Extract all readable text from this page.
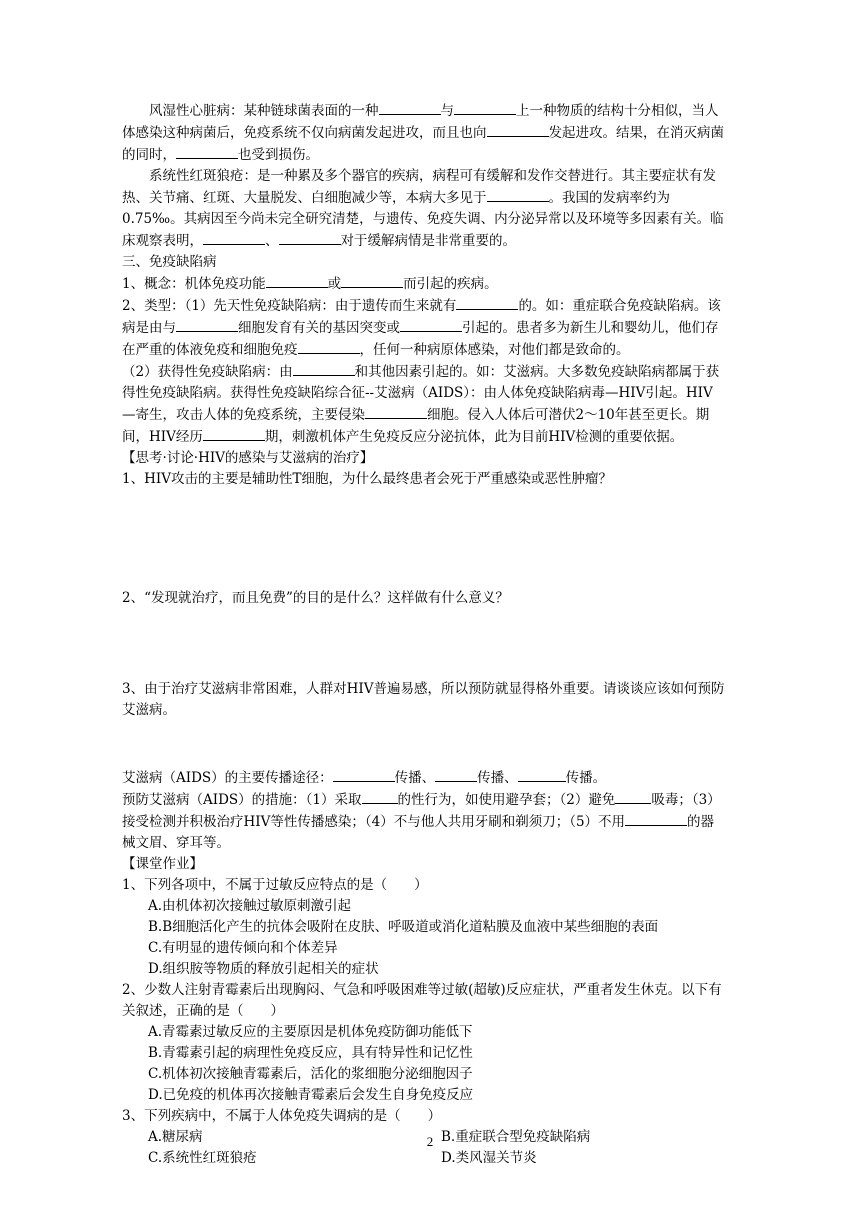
风湿性心脏病：某种链球菌表面的一种	与	上一种物质的结构十分相似，当人体感染这种病菌后，免疫系统不仅向病菌发起进攻，而且也向	发起进攻。结果，在消灭病菌的同时，	也受到损伤。

系统性红斑狼疮：是一种累及多个器官的疾病，病程可有缓解和发作交替进行。其主要症状有发热、关节痛、红斑、大量脱发、白细胞减少等，本病大多见于	。我国的发病率约为0.75‰。其病因至今尚未完全研究清楚，与遗传、免疫失调、内分泌异常以及环境等多因素有关。临床观察表明，	、	对于缓解病情是非常重要的。

三、免疫缺陷病

1、概念：机体免疫功能	或	而引起的疾病。

2、类型：（1）先天性免疫缺陷病：由于遗传而生来就有	的。如：重症联合免疫缺陷病。该病是由与	细胞发育有关的基因突变或	引起的。患者多为新生儿和婴幼儿，他们存在严重的体液免疫和细胞免疫	，任何一种病原体感染，对他们都是致命的。

（2）获得性免疫缺陷病：由	和其他因素引起的。如：艾滋病。大多数免疫缺陷病都属于获得性免疫缺陷病。获得性免疫缺陷综合征--艾滋病（AIDS）：由人体免疫缺陷病毒—HIV引起。HIV—寄生，攻击人体的免疫系统，主要侵染	细胞。侵入人体后可潜伏2～10年甚至更长。期间，HIV经历	期，刺激机体产生免疫反应分泌抗体，此为目前HIV检测的重要依据。

【思考·讨论·HIV的感染与艾滋病的治疗】

1、HIV攻击的主要是辅助性T细胞，为什么最终患者会死于严重感染或恶性肿瘤？

2、“发现就治疗，而且免费”的目的是什么？这样做有什么意义？

3、由于治疗艾滋病非常困难，人群对HIV普遍易感，所以预防就显得格外重要。请谈谈应该如何预防艾滋病。

艾滋病（AIDS）的主要传播途径：	传播、	传播、	传播。

预防艾滋病（AIDS）的措施：（1）采取	的性行为，如使用避孕套；（2）避免	吸毒；（3）接受检测并积极治疗HIV等性传播感染；（4）不与他人共用牙刷和剃须刀；（5）不用	的器械文眉、穿耳等。

【课堂作业】

1、下列各项中，不属于过敏反应特点的是（　　）

A.由机体初次接触过敏原刺激引起

B.B细胞活化产生的抗体会吸附在皮肤、呼吸道或消化道粘膜及血液中某些细胞的表面

C.有明显的遗传倾向和个体差异

D.组织胺等物质的释放引起相关的症状

2、少数人注射青霉素后出现胸闷、气急和呼吸困难等过敏(超敏)反应症状，严重者发生休克。以下有关叙述，正确的是（　　）

A.青霉素过敏反应的主要原因是机体免疫防御功能低下

B.青霉素引起的病理性免疫反应，具有特异性和记忆性

C.机体初次接触青霉素后，活化的浆细胞分泌细胞因子

D.已免疫的机体再次接触青霉素后会发生自身免疫反应

3、下列疾病中，不属于人体免疫失调病的是（　　）

A.糖尿病	B.重症联合型免疫缺陷病
C.系统性红斑狼疮	D.类风湿关节炎
2
